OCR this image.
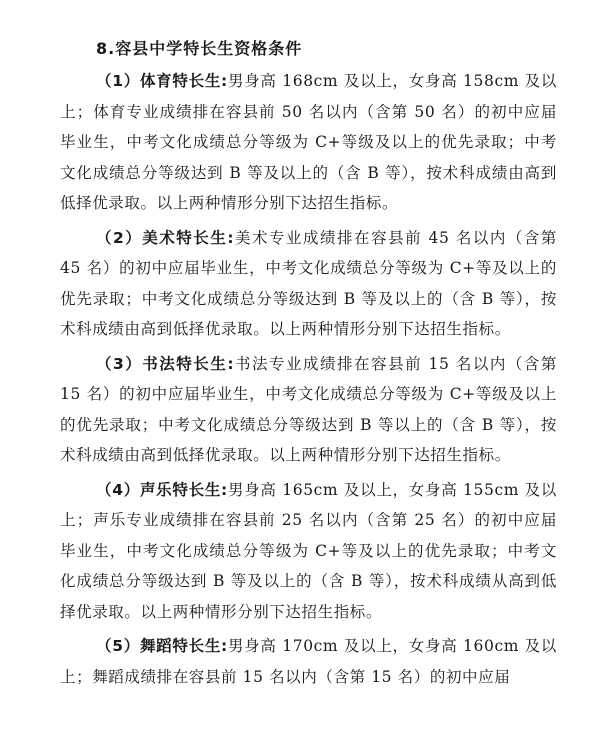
8.容县中学特长生资格条件

（1）体育特长生:男身高 168cm 及以上，女身高 158cm 及以上；体育专业成绩排在容县前 50 名以内（含第 50 名）的初中应届毕业生，中考文化成绩总分等级为 C+等级及以上的优先录取；中考文化成绩总分等级达到 B 等及以上的（含 B 等），按术科成绩由高到低择优录取。以上两种情形分别下达招生指标。

（2）美术特长生:美术专业成绩排在容县前 45 名以内（含第 45 名）的初中应届毕业生，中考文化成绩总分等级为 C+等及以上的优先录取；中考文化成绩总分等级达到 B 等及以上的（含 B 等），按术科成绩由高到低择优录取。以上两种情形分别下达招生指标。

（3）书法特长生:书法专业成绩排在容县前 15 名以内（含第 15 名）的初中应届毕业生，中考文化成绩总分等级为 C+等级及以上的优先录取；中考文化成绩总分等级达到 B 等以上的（含 B 等），按术科成绩由高到低择优录取。以上两种情形分别下达招生指标。

（4）声乐特长生:男身高 165cm 及以上，女身高 155cm 及以上；声乐专业成绩排在容县前 25 名以内（含第 25 名）的初中应届毕业生，中考文化成绩总分等级为 C+等及以上的优先录取；中考文化成绩总分等级达到 B 等及以上的（含 B 等），按术科成绩从高到低择优录取。以上两种情形分别下达招生指标。

（5）舞蹈特长生:男身高 170cm 及以上，女身高 160cm 及以上；舞蹈成绩排在容县前 15 名以内（含第 15 名）的初中应届
